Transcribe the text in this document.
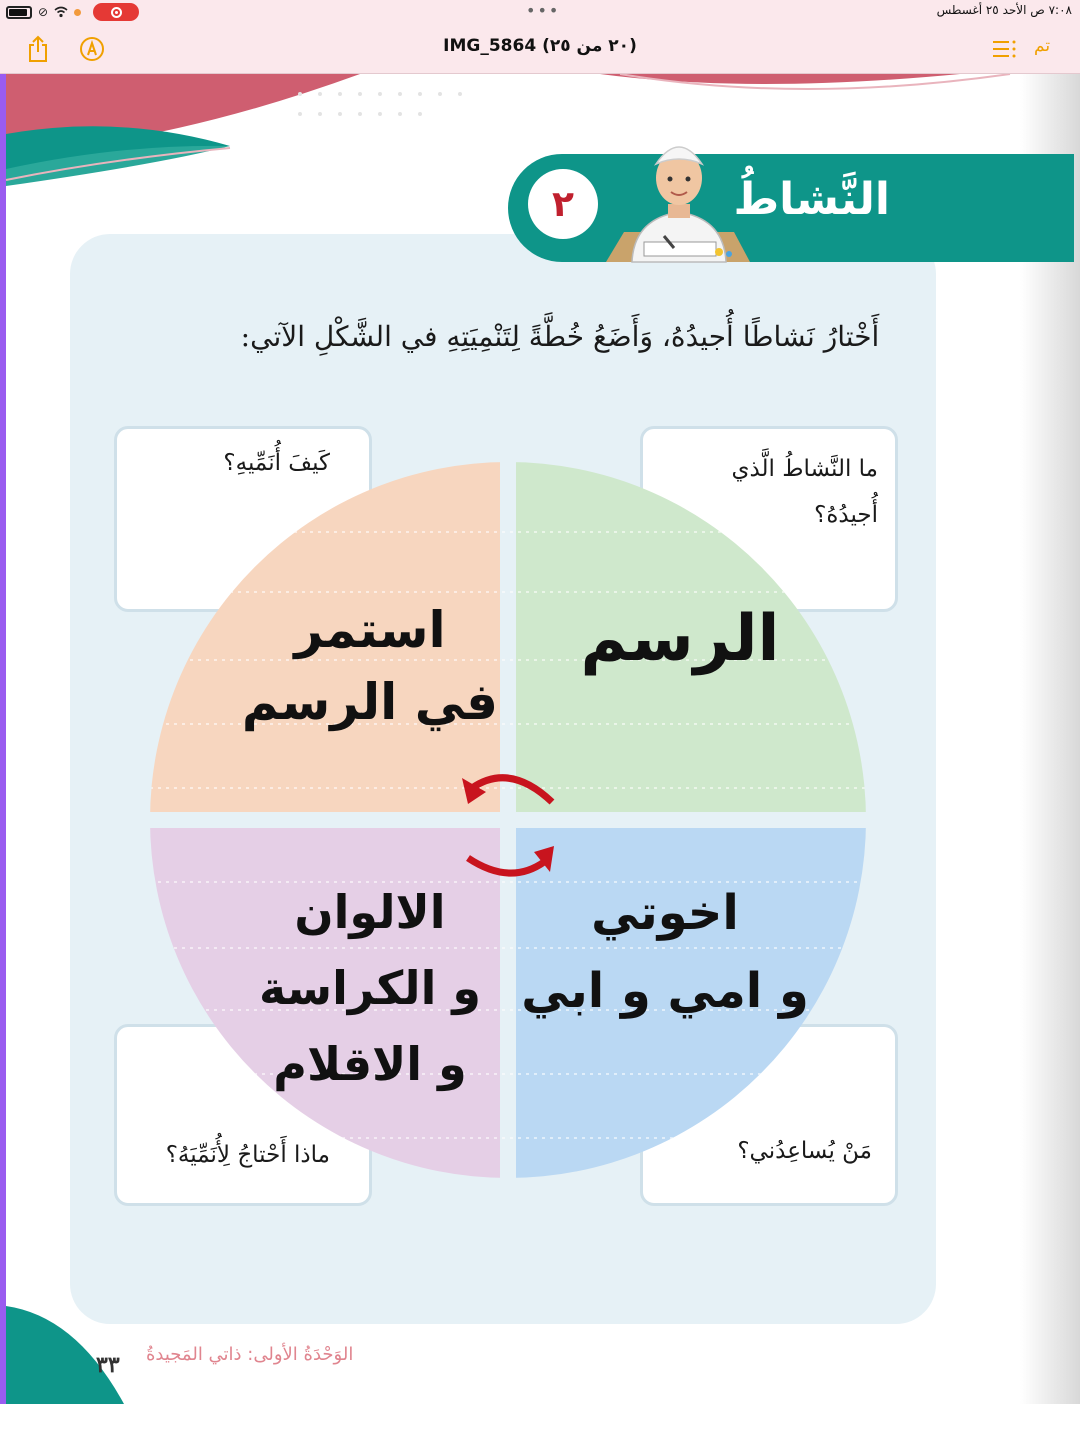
⊘	•••	٧:٠٨ ص الأحد ٢٥ أغسطس
IMG_5864 (٢٠ من ٢٥)	تم
٢	النَّشاطُ
أَخْتارُ نَشاطًا أُجيدُهُ، وَأَضَعُ خُطَّةً لِتَنْمِيَتِهِ في الشَّكْلِ الآتي:
ما النَّشاطُ الَّذي
أُجيدُهُ؟
كَيفَ أُنَمِّيهِ؟
مَنْ يُساعِدُني؟
ماذا أَحْتاجُ لِأُنَمِّيَهُ؟
الرسم
استمر
في الرسم
اخوتي
و امي و ابي
الالوان
و الكراسة
و الاقلام
٣٣ الوَحْدَةُ الأولى: ذاتي المَجيدةُ
